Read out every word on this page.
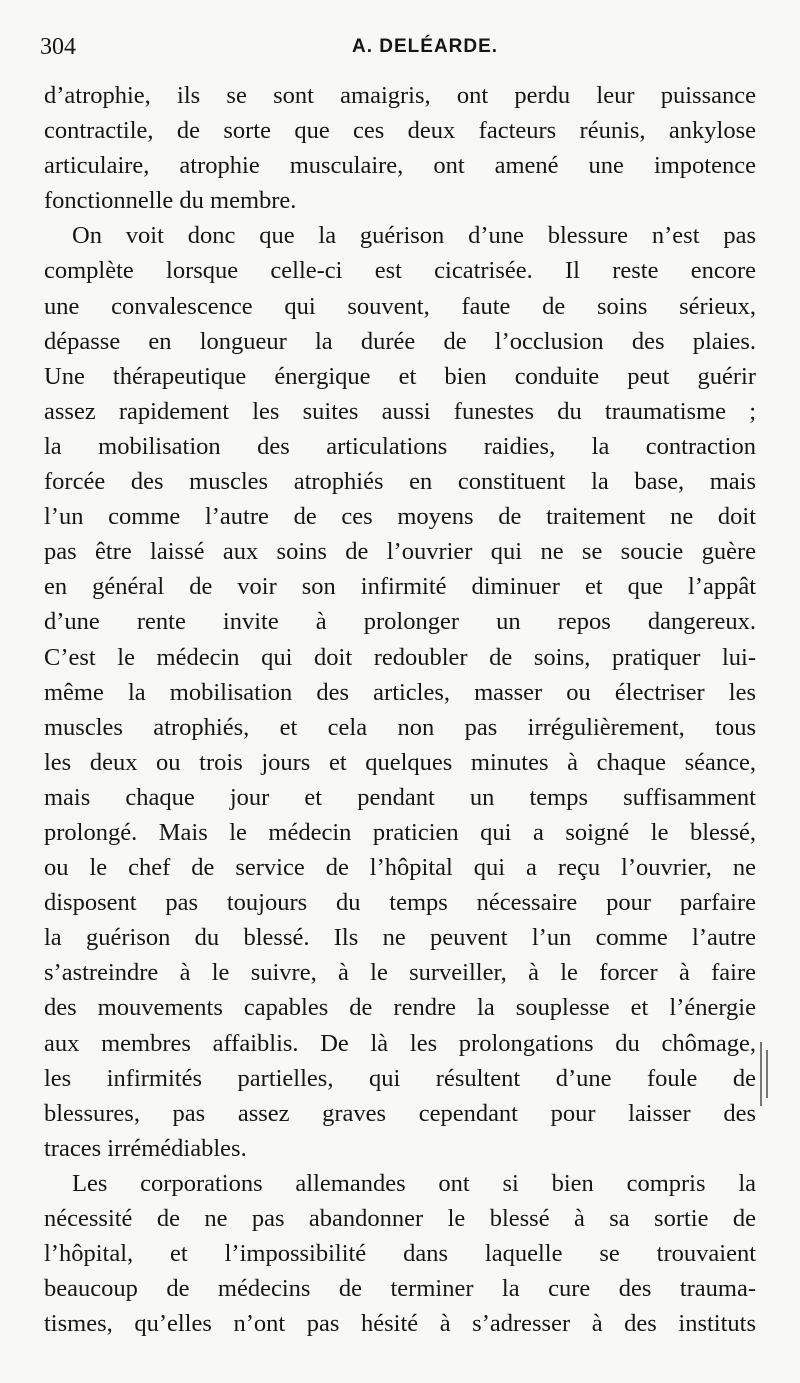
304	A. DELÉARDE.
d’atrophie, ils se sont amaigris, ont perdu leur puissance
contractile, de sorte que ces deux facteurs réunis, ankylose
articulaire, atrophie musculaire, ont amené une impotence
fonctionnelle du membre.
On voit donc que la guérison d’une blessure n’est pas
complète lorsque celle-ci est cicatrisée. Il reste encore
une convalescence qui souvent, faute de soins sérieux,
dépasse en longueur la durée de l’occlusion des plaies.
Une thérapeutique énergique et bien conduite peut guérir
assez rapidement les suites aussi funestes du traumatisme ;
la mobilisation des articulations raidies, la contraction
forcée des muscles atrophiés en constituent la base, mais
l’un comme l’autre de ces moyens de traitement ne doit
pas être laissé aux soins de l’ouvrier qui ne se soucie guère
en général de voir son infirmité diminuer et que l’appât
d’une rente invite à prolonger un repos dangereux.
C’est le médecin qui doit redoubler de soins, pratiquer lui-
même la mobilisation des articles, masser ou électriser les
muscles atrophiés, et cela non pas irrégulièrement, tous
les deux ou trois jours et quelques minutes à chaque séance,
mais chaque jour et pendant un temps suffisamment
prolongé. Mais le médecin praticien qui a soigné le blessé,
ou le chef de service de l’hôpital qui a reçu l’ouvrier, ne
disposent pas toujours du temps nécessaire pour parfaire
la guérison du blessé. Ils ne peuvent l’un comme l’autre
s’astreindre à le suivre, à le surveiller, à le forcer à faire
des mouvements capables de rendre la souplesse et l’énergie
aux membres affaiblis. De là les prolongations du chômage,
les infirmités partielles, qui résultent d’une foule de
blessures, pas assez graves cependant pour laisser des
traces irrémédiables.
Les corporations allemandes ont si bien compris la
nécessité de ne pas abandonner le blessé à sa sortie de
l’hôpital, et l’impossibilité dans laquelle se trouvaient
beaucoup de médecins de terminer la cure des trauma-
tismes, qu’elles n’ont pas hésité à s’adresser à des instituts
